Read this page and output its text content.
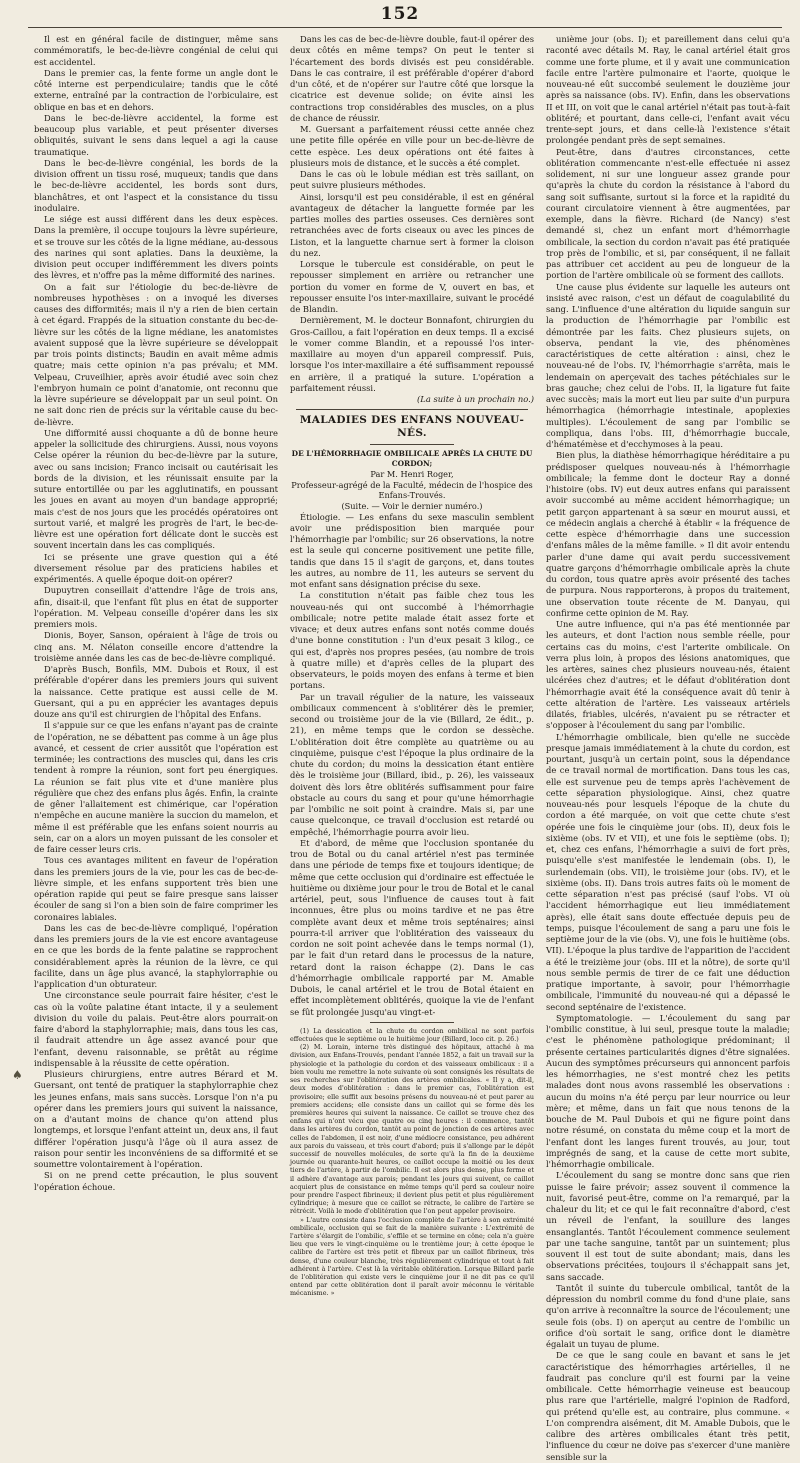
152

Il est en général facile de distinguer, même sans commémoratifs, le bec-de-lièvre congénial de celui qui est accidentel.

Dans le premier cas, la fente forme un angle dont le côté interne est perpendiculaire; tandis que le côté externe, entraîné par la contraction de l'orbiculaire, est oblique en bas et en dehors.

Dans le bec-de-lièvre accidentel, la forme est beaucoup plus variable, et peut présenter diverses obliquités, suivant le sens dans lequel a agi la cause traumatique.

Dans le bec-de-lièvre congénial, les bords de la division offrent un tissu rosé, muqueux; tandis que dans le bec-de-lièvre accidentel, les bords sont durs, blanchâtres, et ont l'aspect et la consistance du tissu inodulaire.

Le siége est aussi différent dans les deux espèces. Dans la première, il occupe toujours la lèvre supérieure, et se trouve sur les côtés de la ligne médiane, au-dessous des narines qui sont aplaties. Dans la deuxième, la division peut occuper indifféremment les divers points des lèvres, et n'offre pas la même difformité des narines.

On a fait sur l'étiologie du bec-de-lièvre de nombreuses hypothèses : on a invoqué les diverses causes des difformités; mais il n'y a rien de bien certain à cet égard. Frappés de la situation constante du bec-de-lièvre sur les côtés de la ligne médiane, les anatomistes avaient supposé que la lèvre supérieure se développait par trois points distincts; Baudin en avait même admis quatre; mais cette opinion n'a pas prévalu; et MM. Velpeau, Cruveilhier, après avoir étudié avec soin chez l'embryon humain ce point d'anatomie, ont reconnu que la lèvre supérieure se développait par un seul point. On ne sait donc rien de précis sur la véritable cause du bec-de-lièvre.

Une difformité aussi choquante a dû de bonne heure appeler la sollicitude des chirurgiens. Aussi, nous voyons Celse opérer la réunion du bec-de-lièvre par la suture, avec ou sans incision; Franco incisait ou cautérisait les bords de la division, et les réunissait ensuite par la suture entortillée ou par les agglutinatifs, en poussant les joues en avant au moyen d'un bandage approprié; mais c'est de nos jours que les procédés opératoires ont surtout varié, et malgré les progrès de l'art, le bec-de-lièvre est une opération fort délicate dont le succès est souvent incertain dans les cas compliqués.

Ici se présente une grave question qui a été diversement résolue par des praticiens habiles et expérimentés. A quelle époque doit-on opérer?

Dupuytren conseillait d'attendre l'âge de trois ans, afin, disait-il, que l'enfant fût plus en état de supporter l'opération. M. Velpeau conseille d'opérer dans les six premiers mois.

Dionis, Boyer, Sanson, opéraient à l'âge de trois ou cinq ans. M. Nélaton conseille encore d'attendre la troisième année dans les cas de bec-de-lièvre compliqué.

D'après Busch, Bonfils, MM. Dubois et Roux, il est préférable d'opérer dans les premiers jours qui suivent la naissance. Cette pratique est aussi celle de M. Guersant, qui a pu en apprécier les avantages depuis douze ans qu'il est chirurgien de l'hôpital des Enfans.

Il s'appuie sur ce que les enfans n'ayant pas de crainte de l'opération, ne se débattent pas comme à un âge plus avancé, et cessent de crier aussitôt que l'opération est terminée; les contractions des muscles qui, dans les cris tendent à rompre la réunion, sont fort peu énergiques. La réunion se fait plus vite et d'une manière plus régulière que chez des enfans plus âgés. Enfin, la crainte de gêner l'allaitement est chimérique, car l'opération n'empêche en aucune manière la succion du mamelon, et même il est préférable que les enfans soient nourris au sein, car on a alors un moyen puissant de les consoler et de faire cesser leurs cris.

Tous ces avantages militent en faveur de l'opération dans les premiers jours de la vie, pour les cas de bec-de-lièvre simple, et les enfans supportent très bien une opération rapide qui peut se faire presque sans laisser écouler de sang si l'on a bien soin de faire comprimer les coronaires labiales.

Dans les cas de bec-de-lièvre compliqué, l'opération dans les premiers jours de la vie est encore avantageuse en ce que les bords de la fente palatine se rapprochent considérablement après la réunion de la lèvre, ce qui facilite, dans un âge plus avancé, la staphylorraphie ou l'application d'un obturateur.

Une circonstance seule pourrait faire hésiter, c'est le cas où la voûte palatine étant intacte, il y a seulement division du voile du palais. Peut-être alors pourrait-on faire d'abord la staphylorraphie; mais, dans tous les cas, il faudrait attendre un âge assez avancé pour que l'enfant, devenu raisonnable, se prêtât au régime indispensable à la réussite de cette opération.

Plusieurs chirurgiens, entre autres Bérard et M. Guersant, ont tenté de pratiquer la staphylorraphie chez les jeunes enfans, mais sans succès. Lorsque l'on n'a pu opérer dans les premiers jours qui suivent la naissance, on a d'autant moins de chance qu'on attend plus longtemps, et lorsque l'enfant atteint un, deux ans, il faut différer l'opération jusqu'à l'âge où il aura assez de raison pour sentir les inconvéniens de sa difformité et se soumettre volontairement à l'opération.

Si on ne prend cette précaution, le plus souvent l'opération échoue.

Dans les cas de bec-de-lièvre double, faut-il opérer des deux côtés en même temps? On peut le tenter si l'écartement des bords divisés est peu considérable. Dans le cas contraire, il est préférable d'opérer d'abord d'un côté, et de n'opérer sur l'autre côté que lorsque la cicatrice est devenue solide; on évite ainsi les contractions trop considérables des muscles, on a plus de chance de réussir.

M. Guersant a parfaitement réussi cette année chez une petite fille opérée en ville pour un bec-de-lièvre de cette espèce. Les deux opérations ont été faites à plusieurs mois de distance, et le succès a été complet.

Dans le cas où le lobule médian est très saillant, on peut suivre plusieurs méthodes.

Ainsi, lorsqu'il est peu considérable, il est en général avantageux de détacher la languette formée par les parties molles des parties osseuses. Ces dernières sont retranchées avec de forts ciseaux ou avec les pinces de Liston, et la languette charnue sert à former la cloison du nez.

Lorsque le tubercule est considérable, on peut le repousser simplement en arrière ou retrancher une portion du vomer en forme de V, ouvert en bas, et repousser ensuite l'os inter-maxillaire, suivant le procédé de Blandin.

Dernièrement, M. le docteur Bonnafont, chirurgien du Gros-Caillou, a fait l'opération en deux temps. Il a excisé le vomer comme Blandin, et a repoussé l'os inter-maxillaire au moyen d'un appareil compressif. Puis, lorsque l'os inter-maxillaire a été suffisamment repoussé en arrière, il a pratiqué la suture. L'opération a parfaitement réussi.

(La suite à un prochain no.)

MALADIES DES ENFANS NOUVEAU-NÉS.
DE L'HÉMORRHAGIE OMBILICALE APRÈS LA CHUTE DU CORDON;
Par M. Henri Roger,
Professeur-agrégé de la Faculté, médecin de l'hospice des Enfans-Trouvés.
(Suite. — Voir le dernier numéro.)

Étiologie. — Les enfans du sexe masculin semblent avoir une prédisposition bien marquée pour l'hémorrhagie par l'ombilic; sur 26 observations, la notre est la seule qui concerne positivement une petite fille, tandis que dans 15 il s'agit de garçons, et, dans toutes les autres, au nombre de 11, les auteurs se servent du mot enfant sans désignation précise du sexe.

La constitution n'était pas faible chez tous les nouveau-nés qui ont succombé à l'hémorrhagie ombilicale; notre petite malade était assez forte et vivace; et deux autres enfans sont notés comme doués d'une bonne constitution : l'un d'eux pesait 3 kilog., ce qui est, d'après nos propres pesées, (au nombre de trois à quatre mille) et d'après celles de la plupart des observateurs, le poids moyen des enfans à terme et bien portans.

Par un travail régulier de la nature, les vaisseaux ombilicaux commencent à s'oblitérer dès le premier, second ou troisième jour de la vie (Billard, 2e édit., p. 21), en même temps que le cordon se dessèche. L'oblitération doit être complète au quatrième ou au cinquième, puisque c'est l'époque la plus ordinaire de la chute du cordon; du moins la dessication étant entière dès le troisième jour (Billard, ibid., p. 26), les vaisseaux doivent dès lors être oblitérés suffisamment pour faire obstacle au cours du sang et pour qu'une hémorrhagie par l'ombilic ne soit point à craindre. Mais si, par une cause quelconque, ce travail d'occlusion est retardé ou empêché, l'hémorrhagie pourra avoir lieu.

Et d'abord, de même que l'occlusion spontanée du trou de Botal ou du canal artériel n'est pas terminée dans une période de temps fixe et toujours identique; de même que cette occlusion qui d'ordinaire est effectuée le huitième ou dixième jour pour le trou de Botal et le canal artériel, peut, sous l'influence de causes tout à fait inconnues, être plus ou moins tardive et ne pas être complète avant deux et même trois septénaires; ainsi pourra-t-il arriver que l'oblitération des vaisseaux du cordon ne soit point achevée dans le temps normal (1), par le fait d'un retard dans le processus de la nature, retard dont la raison échappe (2). Dans le cas d'hémorrhagie ombilicale rapporté par M. Amable Dubois, le canal artériel et le trou de Botal étaient en effet incomplètement oblitérés, quoique la vie de l'enfant se fût prolongée jusqu'au vingt-et-

(1) La dessication et la chute du cordon ombilical ne sont parfois effectuées que le septième ou le huitième jour (Billard, loco cit. p. 26.)

(2) M. Lorain, interne très distingué des hôpitaux, attaché à ma division, aux Enfans-Trouvés, pendant l'année 1852, a fait un travail sur la physiologie et la pathologie du cordon et des vaisseaux ombilicaux : il a bien voulu me remettre la note suivante où sont consignés les résultats de ses recherches sur l'oblitération des artères ombilicales. « Il y a, dit-il, deux modes d'oblitération : dans le premier cas, l'oblitération est provisoire; elle suffit aux besoins présens du nouveau-né et peut parer au premiers accidens; elle consiste dans un caillot qui se forme dès les premières heures qui suivent la naissance. Ce caillot se trouve chez des enfans qui n'ont vécu que quatre ou cinq heures : il commence, tantôt dans les artères du cordon, tantôt au point de jonction de ces artères avec celles de l'abdomen, il est noir, d'une médiocre consistance, peu adhérent aux parois du vaisseau, et très court d'abord; puis il s'allonge par le dépôt successif de nouvelles molécules, de sorte qu'à la fin de la deuxième journée ou quarante-huit heures, ce caillot occupe la moitié ou les deux tiers de l'artère, à partir de l'ombilic. Il est alors plus dense, plus ferme et il adhère d'avantage aux parois; pendant les jours qui suivent, ce caillot acquiert plus de consistance en même temps qu'il perd sa couleur noire pour prendre l'aspect fibrineux; il devient plus petit et plus régulièrement cylindrique; à mesure que ce caillot se rétracte, le calibre de l'artère se rétrécit. Voilà le mode d'oblitération que l'on peut appeler provisoire.

» L'autre consiste dans l'occlusion complète de l'artère à son extrémité ombilicale, occlusion qui se fait de la manière suivante : L'extrémité de l'artère s'élargit de l'ombilic, s'effile et se termine en cône; cela n'a guère lieu que vers le vingt-cinquième ou le trentième jour; à cette époque le calibre de l'artère est très petit et fibreux par un caillot fibrineux, très dense, d'une couleur blanche, très régulièrement cylindrique et tout à fait adhérent à l'artère. C'est là la véritable oblitération. Lorsque Billard parle de l'oblitération qui existe vers le cinquième jour il ne dit pas ce qu'il entend par cette oblitération dont il paraît avoir méconnu le véritable mécanisme. »

unième jour (obs. I); et pareillement dans celui qu'a raconté avec détails M. Ray, le canal artériel était gros comme une forte plume, et il y avait une communication facile entre l'artère pulmonaire et l'aorte, quoique le nouveau-né eût succombé seulement le douzième jour après sa naissance (obs. IV). Enfin, dans les observations II et III, on voit que le canal artériel n'était pas tout-à-fait oblitéré; et pourtant, dans celle-ci, l'enfant avait vécu trente-sept jours, et dans celle-là l'existence s'était prolongée pendant près de sept semaines.

Peut-être, dans d'autres circonstances, cette oblitération commencante n'est-elle effectuée ni assez solidement, ni sur une longueur assez grande pour qu'après la chute du cordon la résistance à l'abord du sang soit suffisante, surtout si la force et la rapidité du courant circulatoire viennent à être augmentées, par exemple, dans la fièvre. Richard (de Nancy) s'est demandé si, chez un enfant mort d'hémorrhagie ombilicale, la section du cordon n'avait pas été pratiquée trop près de l'ombilic, et si, par conséquent, il ne fallait pas attribuer cet accident au peu de longueur de la portion de l'artère ombilicale où se forment des caillots.

Une cause plus évidente sur laquelle les auteurs ont insisté avec raison, c'est un défaut de coagulabilité du sang. L'influence d'une altération du liquide sanguin sur la production de l'hémorrhagie par l'ombilic est démontrée par les faits. Chez plusieurs sujets, on observa, pendant la vie, des phénomènes caractéristiques de cette altération : ainsi, chez le nouveau-né de l'obs. IV, l'hémorrhagie s'arrêta, mais le lendemain on aperçevait des taches pétéchiales sur le bras gauche; chez celui de l'obs. II, la ligature fut faite avec succès; mais la mort eut lieu par suite d'un purpura hémorrhagica (hémorrhagie intestinale, apoplexies multiples). L'écoulement de sang par l'ombilic se compliqua, dans l'obs. III, d'hémorrhagie buccale, d'hématémèse et d'ecchymoses à la peau.

Bien plus, la diathèse hémorrhagique héréditaire a pu prédisposer quelques nouveau-nés à l'hémorrhagie ombilicale; la femme dont le docteur Ray a donné l'histoire (obs. IV) eut deux autres enfans qui paraissent avoir succombé au même accident hémorrhagique; un petit garçon appartenant à sa sœur en mourut aussi, et ce médecin anglais a cherché à établir « la fréquence de cette espèce d'hémorrhagie dans une succession d'enfans mâles de la même famille. » Il dit avoir entendu parler d'une dame qui avait perdu successivement quatre garçons d'hémorrhagie ombilicale après la chute du cordon, tous quatre après avoir présenté des taches de purpura. Nous rapporterons, à propos du traitement, une observation toute récente de M. Danyau, qui confirme cette opinion de M. Ray.

Une autre influence, qui n'a pas été mentionnée par les auteurs, et dont l'action nous semble réelle, pour certains cas du moins, c'est l'arterite ombilicale. On verra plus loin, à propos des lésions anatomiques, que les artères, saines chez plusieurs nouveau-nés, étaient ulcérées chez d'autres; et le défaut d'oblitération dont l'hémorrhagie avait été la conséquence avait dû tenir à cette altération de l'artère. Les vaisseaux artériels dilatés, friables, ulcérés, n'avaient pu se rétracter et s'opposer à l'écoulement du sang par l'ombilic.

L'hémorrhagie ombilicale, bien qu'elle ne succède presque jamais immédiatement à la chute du cordon, est pourtant, jusqu'à un certain point, sous la dépendance de ce travail normal de mortification. Dans tous les cas, elle est survenue peu de temps après l'achèvement de cette séparation physiologique. Ainsi, chez quatre nouveau-nés pour lesquels l'époque de la chute du cordon a été marquée, on voit que cette chute s'est opérée une fois le cinquième jour (obs. II), deux fois le sixième (obs. IV et VII), et une fois le septième (obs. I); et, chez ces enfans, l'hémorrhagie a suivi de fort près, puisqu'elle s'est manifestée le lendemain (obs. I), le surlendemain (obs. VII), le troisième jour (obs. IV), et le sixième (obs. II). Dans trois autres faits où le moment de cette séparation n'est pas précisé (sauf l'obs. VI où l'accident hémorrhagique eut lieu immédiatement après), elle était sans doute effectuée depuis peu de temps, puisque l'écoulement de sang a paru une fois le septième jour de la vie (obs. V), une fois le huitième (obs. VII). L'époque la plus tardive de l'apparition de l'accident a été le treizième jour (obs. III et la nôtre), de sorte qu'il nous semble permis de tirer de ce fait une déduction pratique importante, à savoir, pour l'hémorrhagie ombilicale, l'immunité du nouveau-né qui a dépassé le second septénaire de l'existence.

Symptomatologie. — L'écoulement du sang par l'ombilic constitue, à lui seul, presque toute la maladie; c'est le phénomène pathologique prédominant; il présente certaines particularités dignes d'être signalées. Aucun des symptômes précurseurs qui annoncent parfois les hémorrhagies, ne s'est montré chez les petits malades dont nous avons rassemblé les observations : aucun du moins n'a été perçu par leur nourrice ou leur mère; et même, dans un fait que nous tenons de la bouche de M. Paul Dubois et qui ne figure point dans notre résumé, on constata du même coup et la mort de l'enfant dont les langes furent trouvés, au jour, tout imprégnés de sang, et la cause de cette mort subite, l'hémorrhagie ombilicale.

L'écoulement du sang se montre donc sans que rien puisse le faire prévoir; assez souvent il commence la nuit, favorisé peut-être, comme on l'a remarqué, par la chaleur du lit; et ce qui le fait reconnaître d'abord, c'est un réveil de l'enfant, la souillure des langes ensanglantés. Tantôt l'écoulement commence seulement par une tache sanguine, tantôt par un suintement; plus souvent il est tout de suite abondant; mais, dans les observations précitées, toujours il s'échappait sans jet, sans saccade.

Tantôt il suinte du tubercule ombilical, tantôt de la dépression du nombril comme du fond d'une plaie, sans qu'on arrive à reconnaître la source de l'écoulement; une seule fois (obs. I) on aperçut au centre de l'ombilic un orifice d'où sortait le sang, orifice dont le diamètre égalait un tuyau de plume.

De ce que le sang coule en bavant et sans le jet caractéristique des hémorrhagies artérielles, il ne faudrait pas conclure qu'il est fourni par la veine ombilicale. Cette hémorrhagie veineuse est beaucoup plus rare que l'artérielle, malgré l'opinion de Radford, qui prétend qu'elle est, au contraire, plus commune. « L'on comprendra aisément, dit M. Amable Dubois, que le calibre des artères ombilicales étant très petit, l'influence du cœur ne doive pas s'exercer d'une manière sensible sur la

♠
